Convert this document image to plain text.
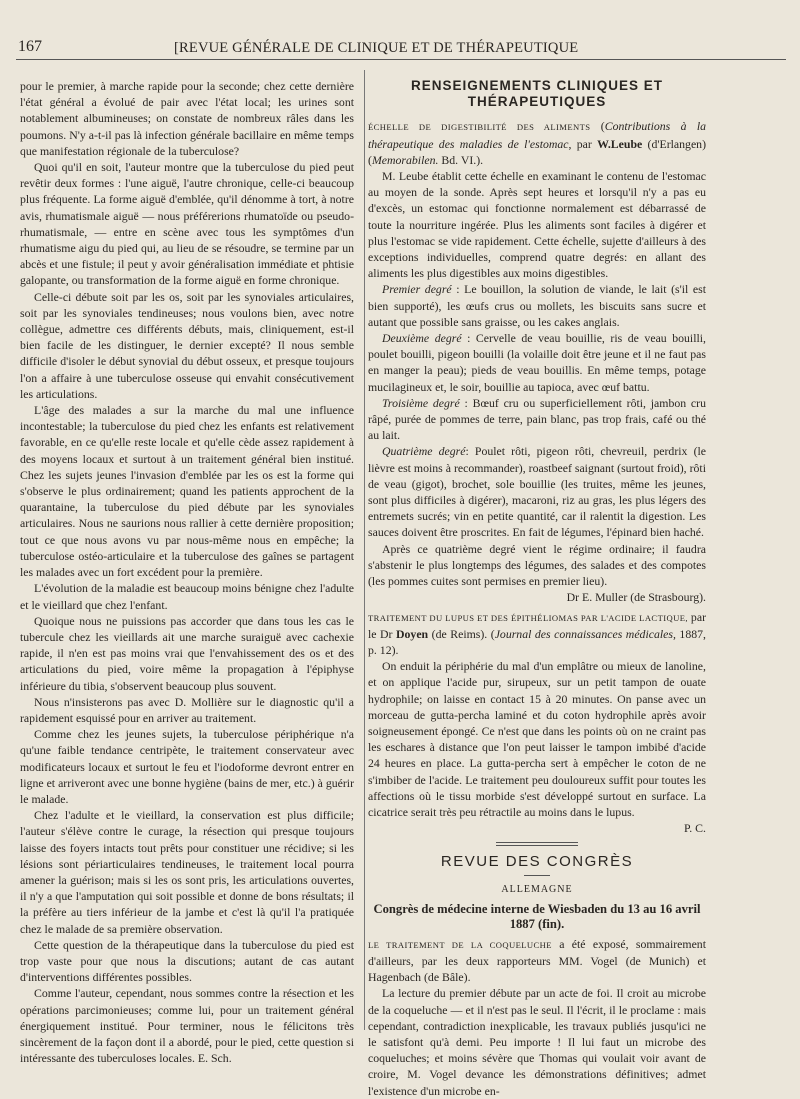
167	[REVUE GÉNÉRALE DE CLINIQUE ET DE THÉRAPEUTIQUE

pour le premier, à marche rapide pour la seconde; chez cette dernière l'état général a évolué de pair avec l'état local; les urines sont notablement albumineuses; on constate de nombreux râles dans les poumons. N'y a-t-il pas là infection générale bacillaire en même temps que manifestation régionale de la tuberculose?

Quoi qu'il en soit, l'auteur montre que la tuberculose du pied peut revêtir deux formes : l'une aiguë, l'autre chronique, celle-ci beaucoup plus fréquente. La forme aiguë d'emblée, qu'il dénomme à tort, à notre avis, rhumatismale aiguë — nous préférerions rhumatoïde ou pseudo-rhumatismale, — entre en scène avec tous les symptômes d'un rhumatisme aigu du pied qui, au lieu de se résoudre, se termine par un abcès et une fistule; il peut y avoir généralisation immédiate et phtisie galopante, ou transformation de la forme aiguë en forme chronique.

Celle-ci débute soit par les os, soit par les synoviales articulaires, soit par les synoviales tendineuses; nous voulons bien, avec notre collègue, admettre ces différents débuts, mais, cliniquement, est-il bien facile de les distinguer, le dernier excepté? Il nous semble difficile d'isoler le début synovial du début osseux, et presque toujours l'on a affaire à une tuberculose osseuse qui envahit consécutivement les articulations.

L'âge des malades a sur la marche du mal une influence incontestable; la tuberculose du pied chez les enfants est relativement favorable, en ce qu'elle reste locale et qu'elle cède assez rapidement à des moyens locaux et surtout à un traitement général bien institué. Chez les sujets jeunes l'invasion d'emblée par les os est la forme qui s'observe le plus ordinairement; quand les patients approchent de la quarantaine, la tuberculose du pied débute par les synoviales articulaires. Nous ne saurions nous rallier à cette dernière proposition; tout ce que nous avons vu par nous-même nous en empêche; la tuberculose ostéo-articulaire et la tuberculose des gaînes se partagent les malades avec un fort excédent pour la première.

L'évolution de la maladie est beaucoup moins bénigne chez l'adulte et le vieillard que chez l'enfant.

Quoique nous ne puissions pas accorder que dans tous les cas le tubercule chez les vieillards ait une marche suraiguë avec cachexie rapide, il n'en est pas moins vrai que l'envahissement des os et des articulations du pied, voire même la propagation à l'épiphyse inférieure du tibia, s'observent beaucoup plus souvent.

Nous n'insisterons pas avec D. Mollière sur le diagnostic qu'il a rapidement esquissé pour en arriver au traitement.

Comme chez les jeunes sujets, la tuberculose périphérique n'a qu'une faible tendance centripète, le traitement conservateur avec modificateurs locaux et surtout le feu et l'iodoforme devront entrer en ligne et arriveront avec une bonne hygiène (bains de mer, etc.) à guérir le malade.

Chez l'adulte et le vieillard, la conservation est plus difficile; l'auteur s'élève contre le curage, la résection qui presque toujours laisse des foyers intacts tout prêts pour constituer une récidive; si les lésions sont périarticulaires tendineuses, le traitement local pourra amener la guérison; mais si les os sont pris, les articulations ouvertes, il n'y a que l'amputation qui soit possible et donne de bons résultats; il la préfère au tiers inférieur de la jambe et c'est là qu'il l'a pratiquée chez le malade de sa première observation.

Cette question de la thérapeutique dans la tuberculose du pied est trop vaste pour que nous la discutions; autant de cas autant d'interventions différentes possibles.

Comme l'auteur, cependant, nous sommes contre la résection et les opérations parcimonieuses; comme lui, pour un traitement général énergiquement institué. Pour terminer, nous le félicitons très sincèrement de la façon dont il a abordé, pour le pied, cette question si intéressante des tuberculoses locales. E. Sch.

RENSEIGNEMENTS CLINIQUES ET THÉRAPEUTIQUES

ÉCHELLE DE DIGESTIBILITÉ DES ALIMENTS (Contributions à la thérapeutique des maladies de l'estomac, par W.Leube (d'Erlangen) (Memorabilen. Bd. VI.).

M. Leube établit cette échelle en examinant le contenu de l'estomac au moyen de la sonde. Après sept heures et lorsqu'il n'y a pas eu d'excès, un estomac qui fonctionne normalement est débarrassé de toute la nourriture ingérée. Plus les aliments sont faciles à digérer et plus l'estomac se vide rapidement. Cette échelle, sujette d'ailleurs à des exceptions individuelles, comprend quatre degrés: en allant des aliments les plus digestibles aux moins digestibles.

Premier degré : Le bouillon, la solution de viande, le lait (s'il est bien supporté), les œufs crus ou mollets, les biscuits sans sucre et autant que possible sans graisse, ou les cakes anglais.

Deuxième degré : Cervelle de veau bouillie, ris de veau bouilli, poulet bouilli, pigeon bouilli (la volaille doit être jeune et il ne faut pas en manger la peau); pieds de veau bouillis. En même temps, potage mucilagineux et, le soir, bouillie au tapioca, avec œuf battu.

Troisième degré : Bœuf cru ou superficiellement rôti, jambon cru râpé, purée de pommes de terre, pain blanc, pas trop frais, café ou thé au lait.

Quatrième degré: Poulet rôti, pigeon rôti, chevreuil, perdrix (le lièvre est moins à recommander), roastbeef saignant (surtout froid), rôti de veau (gigot), brochet, sole bouillie (les truites, même les jeunes, sont plus difficiles à digérer), macaroni, riz au gras, les plus légers des entremets sucrés; vin en petite quantité, car il ralentit la digestion. Les sauces doivent être proscrites. En fait de légumes, l'épinard bien haché.

Après ce quatrième degré vient le régime ordinaire; il faudra s'abstenir le plus longtemps des légumes, des salades et des compotes (les pommes cuites sont permises en premier lieu).

Dr E. Muller (de Strasbourg).

TRAITEMENT DU LUPUS ET DES ÉPITHÉLIOMAS PAR L'ACIDE LACTIQUE, par le Dr Doyen (de Reims). (Journal des connaissances médicales, 1887, p. 12).

On enduit la périphérie du mal d'un emplâtre ou mieux de lanoline, et on applique l'acide pur, sirupeux, sur un petit tampon de ouate hydrophile; on laisse en contact 15 à 20 minutes. On panse avec un morceau de gutta-percha laminé et du coton hydrophile après avoir soigneusement épongé. Ce n'est que dans les points où on ne craint pas les eschares à distance que l'on peut laisser le tampon imbibé d'acide 24 heures en place. La gutta-percha sert à empêcher le coton de ne s'imbiber de l'acide. Le traitement peu douloureux suffit pour toutes les affections où le tissu morbide s'est développé surtout en surface. La cicatrice serait très peu rétractile au moins dans le lupus.

P. C.

REVUE DES CONGRÈS
ALLEMAGNE
Congrès de médecine interne de Wiesbaden du 13 au 16 avril 1887 (fin).

LE TRAITEMENT DE LA COQUELUCHE a été exposé, sommairement d'ailleurs, par les deux rapporteurs MM. Vogel (de Munich) et Hagenbach (de Bâle).

La lecture du premier débute par un acte de foi. Il croit au microbe de la coqueluche — et il n'est pas le seul. Il l'écrit, il le proclame : mais cependant, contradiction inexplicable, les travaux publiés jusqu'ici ne le satisfont qu'à demi. Peu importe ! Il lui faut un microbe des coqueluches; et moins sévère que Thomas qui voulait voir avant de croire, M. Vogel devance les démonstrations définitives; admet l'existence d'un microbe en-
